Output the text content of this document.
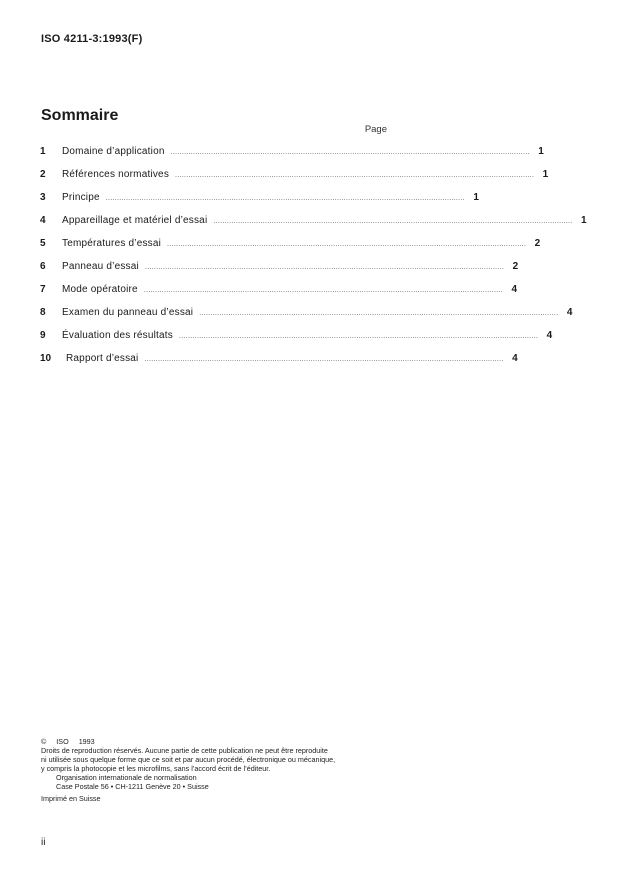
ISO 4211-3:1993(F)
Sommaire
Page
1	Domaine d’application ................................................................................................................................................................ 1
2	Références normatives ................................................................................................................................................................ 1
3	Principe ................................................................................................................................................................ 1
4	Appareillage et matériel d’essai ................................................................................................................................................................ 1
5	Températures d’essai ................................................................................................................................................................ 2
6	Panneau d’essai ................................................................................................................................................................ 2
7	Mode opératoire ................................................................................................................................................................ 4
8	Examen du panneau d’essai ................................................................................................................................................................ 4
9	Évaluation des résultats ................................................................................................................................................................ 4
10	Rapport d’essai ................................................................................................................................................................ 4
© ISO 1993
Droits de reproduction réservés. Aucune partie de cette publication ne peut être reproduite
ni utilisée sous quelque forme que ce soit et par aucun procédé, électronique ou mécanique,
y compris la photocopie et les microfilms, sans l’accord écrit de l’éditeur.
Organisation internationale de normalisation
Case Postale 56 • CH-1211 Genève 20 • Suisse
Imprimé en Suisse
ii
